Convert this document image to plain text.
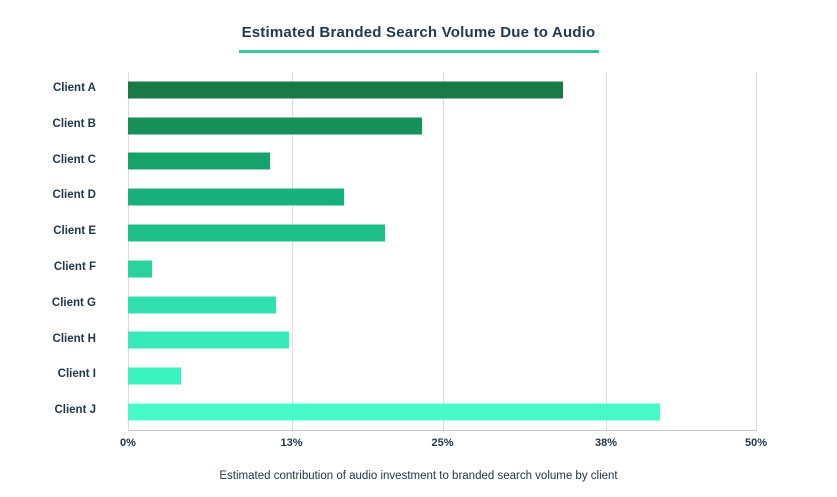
Estimated Branded Search Volume Due to Audio
Client A
Client B
Client C
Client D
Client E
Client F
Client G
Client H
Client I
Client J
0%	13%	25%	38%	50%
Estimated contribution of audio investment to branded search volume by client
